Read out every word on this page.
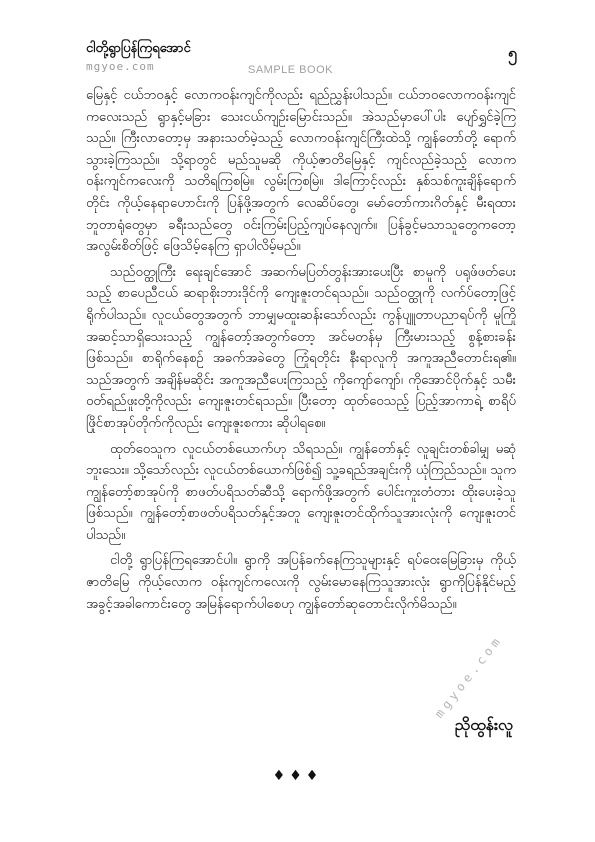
ငါတို့ရွာပြန်ကြရအောင်	၅
mgyoe.com	SAMPLE BOOK

မြေနှင့် ငယ်ဘဝနှင့် လောကဝန်းကျင်ကိုလည်း ရည်ညွှန်းပါသည်။ ငယ်ဘဝလောကဝန်းကျင်ကလေးသည် ရွာနှင့်မခြား သေးငယ်ကျဉ်းမြောင်းသည်။ အဲသည်မှာပေါ်ပါး ပျော်ရွှင်ခဲ့ကြသည်။ ကြီးလာတော့မှ အနားသတ်မဲ့သည့် လောကဝန်းကျင်ကြီးထဲသို့ ကျွန်တော်တို့ ရောက်သွားခဲ့ကြသည်။ သို့ရာတွင် မည်သူမဆို ကိုယ့်ဇာတိမြေနှင့် ကျင်လည်ခဲ့သည့် လောကဝန်းကျင်ကလေးကို သတိရကြစမြဲ။ လွမ်းကြစမြဲ။ ဒါကြောင့်လည်း နှစ်သစ်ကူးချိန်ရောက်တိုင်း ကိုယ့်နေရာဟောင်းကို ပြန်ဖို့အတွက် လေဆိပ်တွေ၊ မော်တော်ကားဂိတ်နှင့် မီးရထားဘူတာရုံတွေမှာ ခရီးသည်တွေ ဝင်းကြမ်းပြည့်ကျပ်နေလျက်။ ပြန်ခွင့်မသာသူတွေကတော့ အလွမ်းစိတ်ဖြင့် ဖြေသိမ့်နေကြ ရှာပါလိမ့်မည်။

သည်ဝတ္ထုကြီး ရေးချင်အောင် အဆက်မပြတ်တွန်းအားပေးပြီး စာမူကို ပရုဖ်ဖတ်ပေးသည့် စာပေညီငယ် ဆရာစိုးဘားဒိုင်ကို ကျေးဇူးတင်ရသည်။ သည်ဝတ္ထုကို လက်ပ်တော့ဖြင့် ရိုက်ပါသည်။ လူငယ်တွေအတွက် ဘာမျှမထူးဆန်းသော်လည်း ကွန်ပျူတာပညာရပ်ကို မူကြိုအဆင့်သာရှိသေးသည့် ကျွန်တော့်အတွက်တော့ အင်မတန်မှ ကြီးမားသည့် စွန့်စားခန်းဖြစ်သည်။ စာရိုက်နေစဉ် အခက်အခဲတွေ ကြုံရတိုင်း နီးရာလူကို အကူအညီတောင်းရ၏။ သည်အတွက် အချိန်မဆိုင်း အကူအညီပေးကြသည့် ကိုကျော်ကျော်၊ ကိုအောင်ပိုက်နှင့် သမီးဝတ်ရည်ဖူးတို့ကိုလည်း ကျေးဇူးတင်ရသည်။ ပြီးတော့ ထုတ်ဝေသည့် ပြည့်အာကာရဲ့ စာရိပ်ဖြိုင်စာအုပ်တိုက်ကိုလည်း ကျေးဇူးစကား ဆိုပါရစေ။

ထုတ်ဝေသူက လူငယ်တစ်ယောက်ဟု သိရသည်။ ကျွန်တော်နှင့် လူချင်းတစ်ခါမျှ မဆုံဘူးသေး။ သို့သော်လည်း လူငယ်တစ်ယောက်ဖြစ်၍ သူ့ခရည်အချင်းကို ယုံကြည်သည်။ သူက ကျွန်တော့်စာအုပ်ကို စာဖတ်ပရိသတ်ဆီသို့ ရောက်ဖို့အတွက် ပေါင်းကူးတံတား ထိုးပေးခဲ့သူဖြစ်သည်။ ကျွန်တော့်စာဖတ်ပရိသတ်နှင့်အတူ ကျေးဇူးတင်ထိုက်သူအားလုံးကို ကျေးဇူးတင်ပါသည်။

ငါတို့ ရွာပြန်ကြရအောင်ပါ။ ရွာကို အပြန်ခက်နေကြသူများနှင့် ရပ်ဝေးမြေခြားမှ ကိုယ့်ဇာတိမြေ ကိုယ့်လောက ဝန်းကျင်ကလေးကို လွမ်းမောနေကြသူအားလုံး ရွာကိုပြန်နိုင်မည့် အခွင့်အခါကောင်းတွေ အမြန်ရောက်ပါစေဟု ကျွန်တော်ဆုတောင်းလိုက်မိသည်။

ညိုထွန်းလူ
mgyoe.com
♦♦♦
